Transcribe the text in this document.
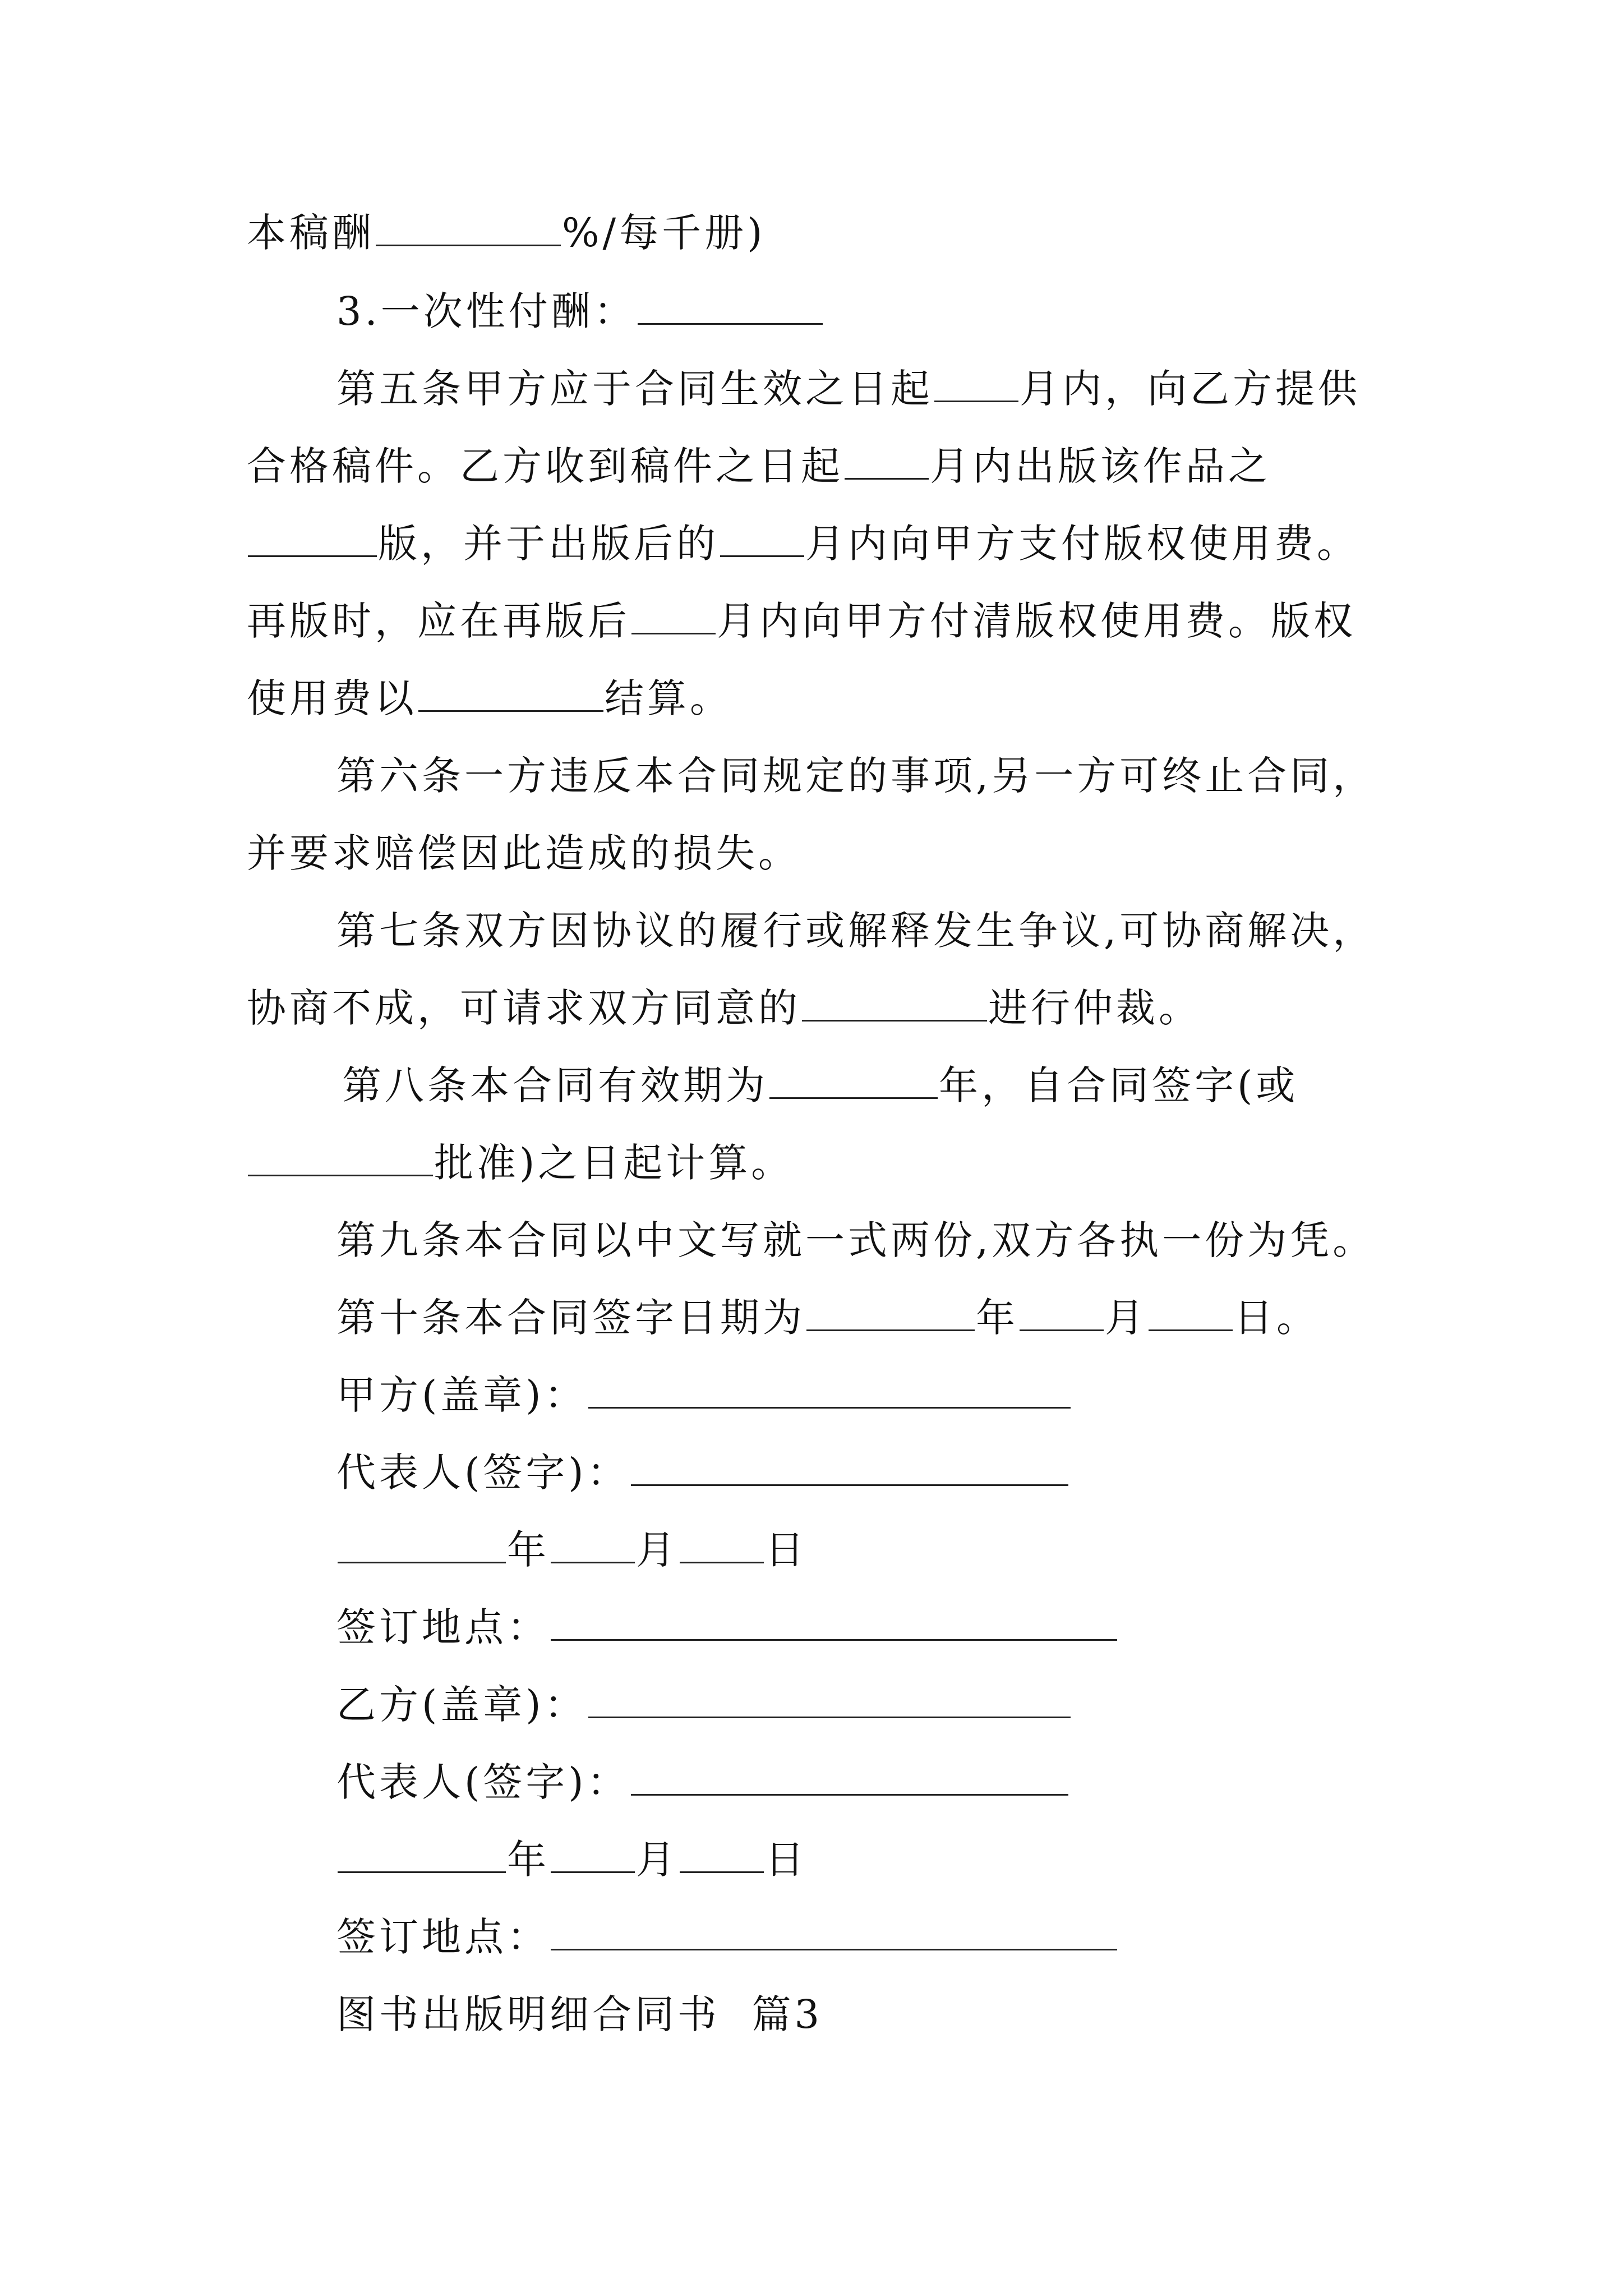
本稿酬	%/每千册)
3.一次性付酬：
第五条甲方应于合同生效之日起 月内，向乙方提供
合格稿件。乙方收到稿件之日起 月内出版该作品之
版，并于出版后的 月内向甲方支付版权使用费。
再版时，应在再版后 月内向甲方付清版权使用费。版权
使用费以	结算。
第六条一方违反本合同规定的事项,另一方可终止合同，
并要求赔偿因此造成的损失。
第七条双方因协议的履行或解释发生争议,可协商解决，
协商不成，可请求双方同意的	进行仲裁。
第八条本合同有效期为	年，自合同签字(或
批准)之日起计算。
第九条本合同以中文写就一式两份,双方各执一份为凭。
第十条本合同签字日期为	年 月 日。
甲方(盖章)：
代表人(签字)：
年 月 日
签订地点：
乙方(盖章)：
代表人(签字)：
年 月 日
签订地点：
图书出版明细合同书  篇3
